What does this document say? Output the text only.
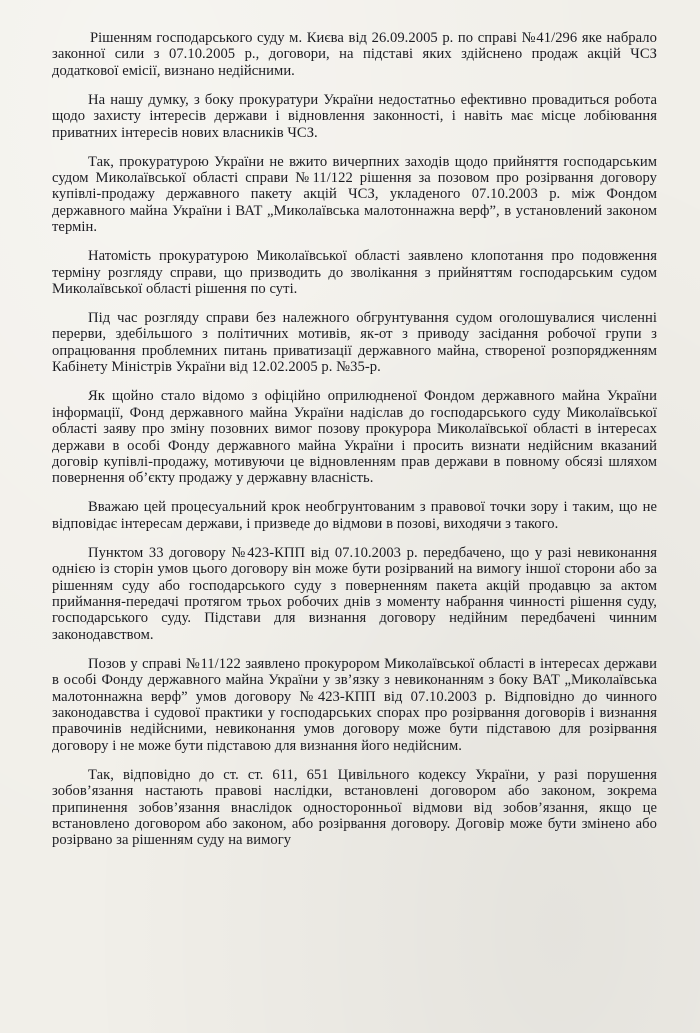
Рішенням господарського суду м. Києва від 26.09.2005 р. по справі №41/296 яке набрало законної сили з 07.10.2005 р., договори, на підставі яких здійснено продаж акцій ЧСЗ додаткової емісії, визнано недійсними.

На нашу думку, з боку прокуратури України недостатньо ефективно провадиться робота щодо захисту інтересів держави і відновлення законності, і навіть має місце лобіювання приватних інтересів нових власників ЧСЗ.

Так, прокуратурою України не вжито вичерпних заходів щодо прийняття господарським судом Миколаївської області справи №11/122 рішення за позовом про розірвання договору купівлі-продажу державного пакету акцій ЧСЗ, укладеного 07.10.2003 р. між Фондом державного майна України і ВАТ „Миколаївська малотоннажна верф”, в установлений законом термін.

Натомість прокуратурою Миколаївської області заявлено клопотання про подовження терміну розгляду справи, що призводить до зволікання з прийняттям господарським судом Миколаївської області рішення по суті.

Під час розгляду справи без належного обгрунтування судом оголошувалися численні перерви, здебільшого з політичних мотивів, як-от з приводу засідання робочої групи з опрацювання проблемних питань приватизації державного майна, створеної розпорядженням Кабінету Міністрів України від 12.02.2005 р. №35-р.

Як щойно стало відомо з офіційно оприлюдненої Фондом державного майна України інформації, Фонд державного майна України надіслав до господарського суду Миколаївської області заяву про зміну позовних вимог позову прокурора Миколаївської області в інтересах держави в особі Фонду державного майна України і просить визнати недійсним вказаний договір купівлі-продажу, мотивуючи це відновленням прав держави в повному обсязі шляхом повернення об’єкту продажу у державну власність.

Вважаю цей процесуальний крок необгрунтованим з правової точки зору і таким, що не відповідає інтересам держави, і призведе до відмови в позові, виходячи з такого.

Пунктом 33 договору №423-КПП від 07.10.2003 р. передбачено, що у разі невиконання однією із сторін умов цього договору він може бути розірваний на вимогу іншої сторони або за рішенням суду або господарського суду з поверненням пакета акцій продавцю за актом приймання-передачі протягом трьох робочих днів з моменту набрання чинності рішення суду, господарського суду. Підстави для визнання договору недійним передбачені чинним законодавством.

Позов у справі №11/122 заявлено прокурором Миколаївської області в інтересах держави в особі Фонду державного майна України у зв’язку з невиконанням з боку ВАТ „Миколаївська малотоннажна верф” умов договору №423-КПП від 07.10.2003 р. Відповідно до чинного законодавства і судової практики у господарських спорах про розірвання договорів і визнання правочинів недійсними, невиконання умов договору може бути підставою для розірвання договору і не може бути підставою для визнання його недійсним.

Так, відповідно до ст. ст. 611, 651 Цивільного кодексу України, у разі порушення зобов’язання настають правові наслідки, встановлені договором або законом, зокрема припинення зобов’язання внаслідок односторонньої відмови від зобов’язання, якщо це встановлено договором або законом, або розірвання договору. Договір може бути змінено або розірвано за рішенням суду на вимогу
